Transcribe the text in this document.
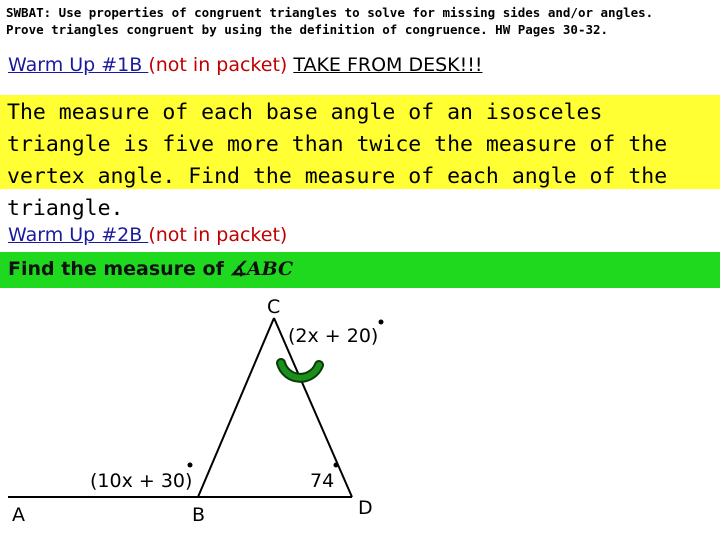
SWBAT: Use properties of congruent triangles to solve for missing sides and/or angles.
Prove triangles congruent by using the definition of congruence. HW Pages 30-32.
Warm Up #1B (not in packet) TAKE FROM DESK!!!
The measure of each base angle of an isosceles triangle is five more than twice the measure of the vertex angle. Find the measure of each angle of the triangle.
Warm Up #2B (not in packet)
Find the measure of ∡ABC
C
(2x + 20)
(10x + 30)	74
A	B	D
